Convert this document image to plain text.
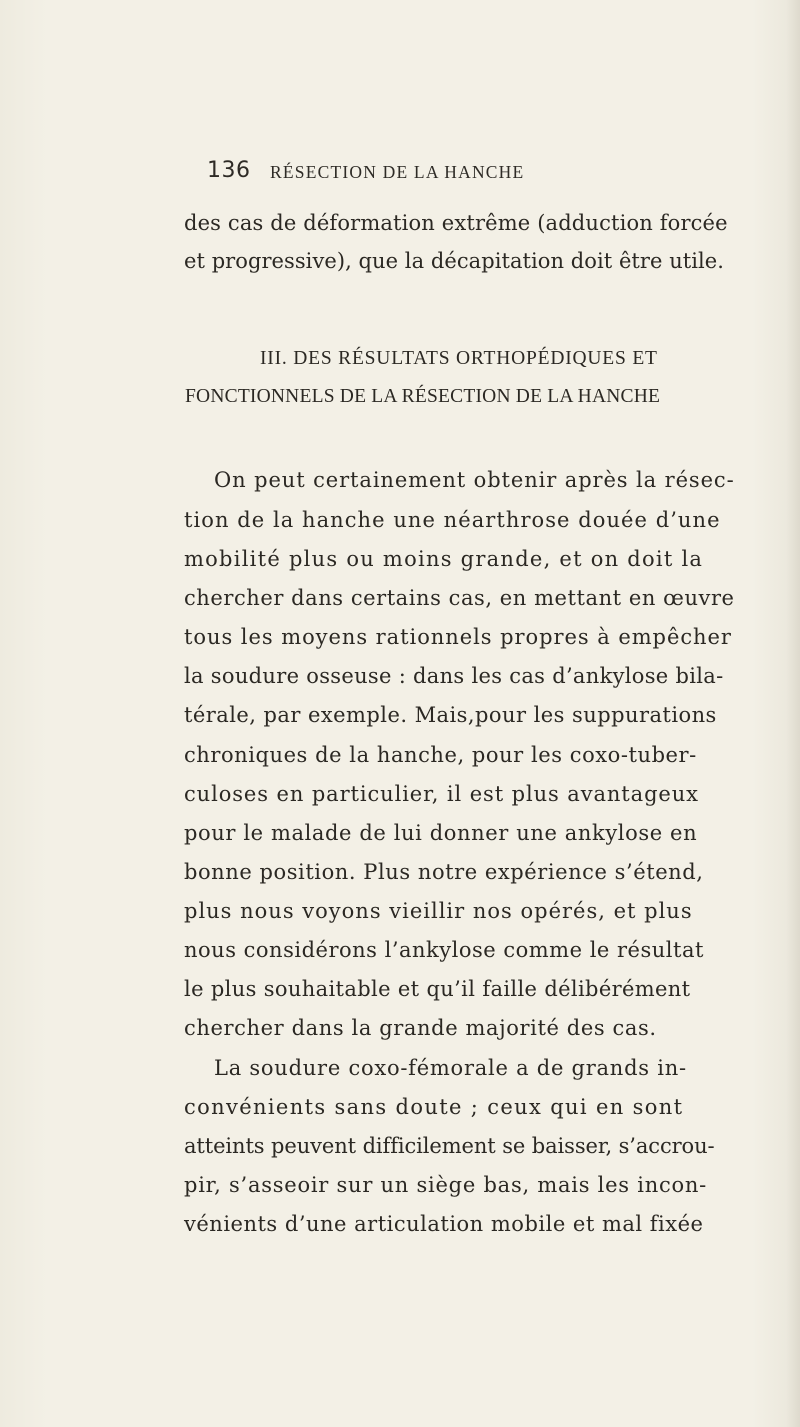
136 RÉSECTION DE LA HANCHE
des cas de déformation extrême (adduction forcée
et progressive), que la décapitation doit être utile.
III. DES RÉSULTATS ORTHOPÉDIQUES ET
FONCTIONNELS DE LA RÉSECTION DE LA HANCHE
On peut certainement obtenir après la résec-
tion de la hanche une néarthrose douée d’une
mobilité plus ou moins grande, et on doit la
chercher dans certains cas, en mettant en œuvre
tous les moyens rationnels propres à empêcher
la soudure osseuse : dans les cas d’ankylose bila-
térale, par exemple. Mais,pour les suppurations
chroniques de la hanche, pour les coxo-tuber-
culoses en particulier, il est plus avantageux
pour le malade de lui donner une ankylose en
bonne position. Plus notre expérience s’étend,
plus nous voyons vieillir nos opérés, et plus
nous considérons l’ankylose comme le résultat
le plus souhaitable et qu’il faille délibérément
chercher dans la grande majorité des cas.
La soudure coxo-fémorale a de grands in-
convénients sans doute ; ceux qui en sont
atteints peuvent difficilement se baisser, s’accrou-
pir, s’asseoir sur un siège bas, mais les incon-
vénients d’une articulation mobile et mal fixée
